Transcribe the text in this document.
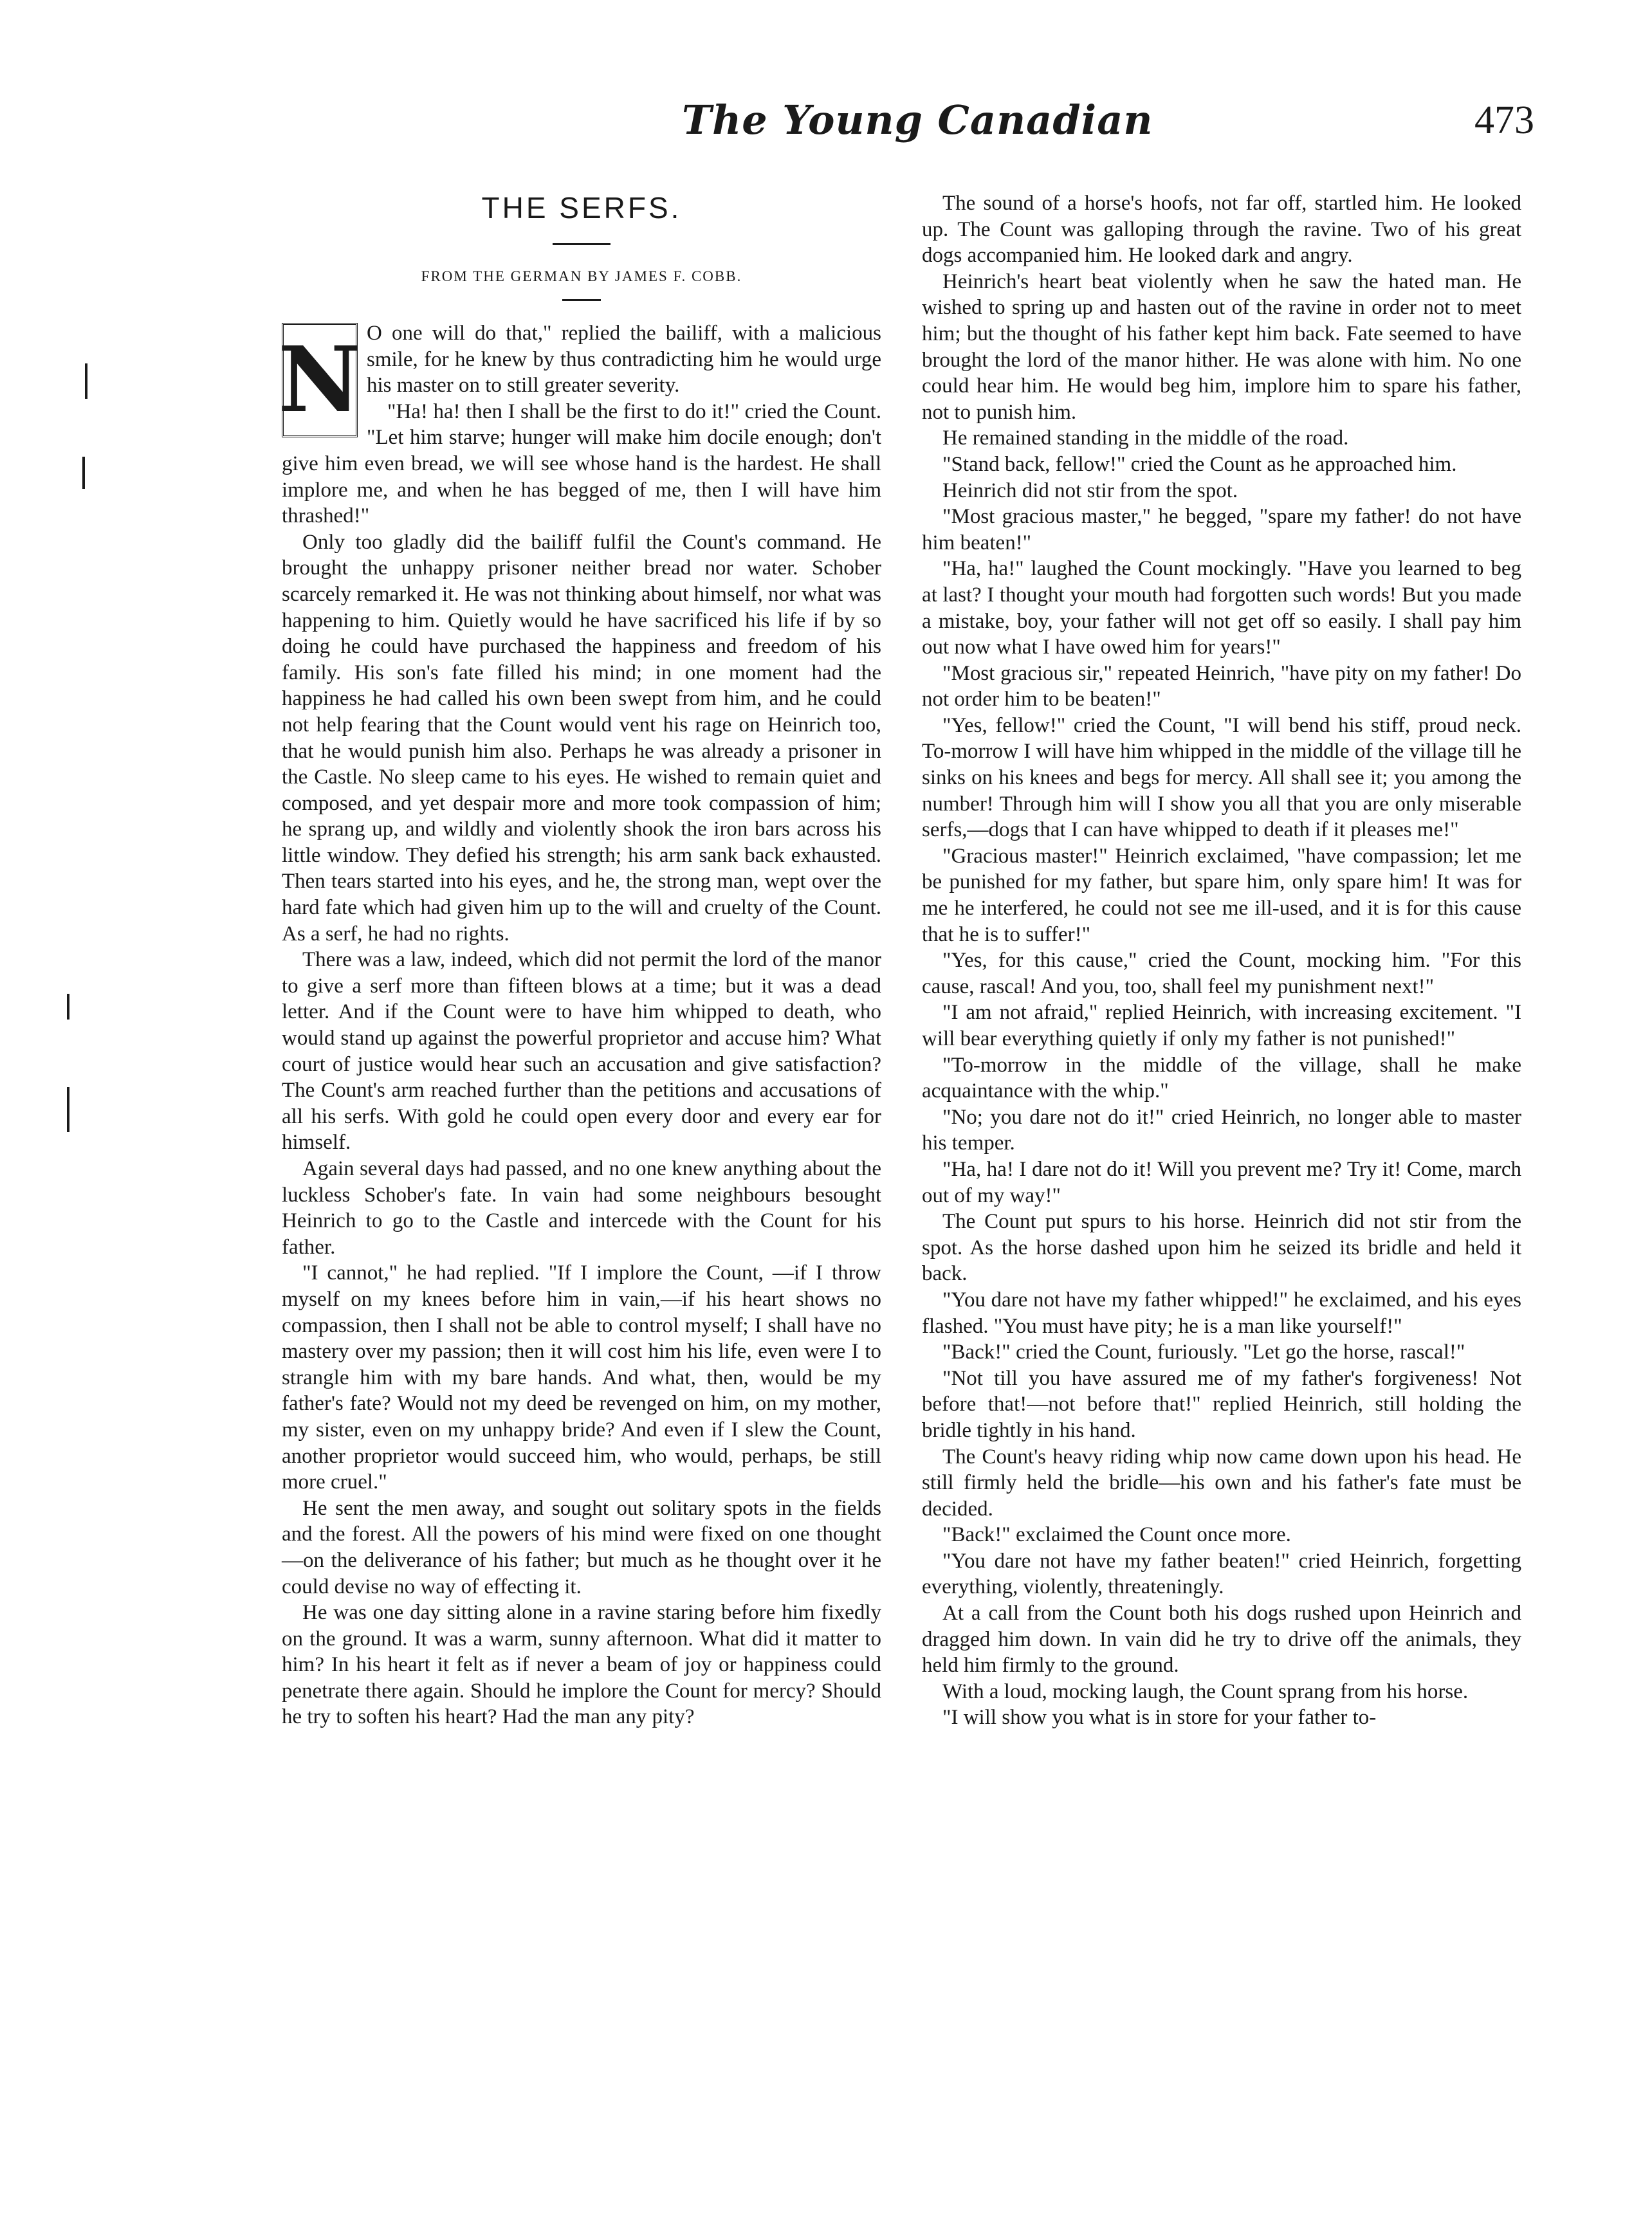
The Young Canadian	473
THE SERFS.
FROM THE GERMAN BY JAMES F. COBB.

N O one will do that," replied the bailiff, with a malicious smile, for he knew by thus contradicting him he would urge his master on to still greater severity.

"Ha! ha! then I shall be the first to do it!" cried the Count. "Let him starve; hunger will make him docile enough; don't give him even bread, we will see whose hand is the hardest. He shall implore me, and when he has begged of me, then I will have him thrashed!"

Only too gladly did the bailiff fulfil the Count's command. He brought the unhappy prisoner neither bread nor water. Schober scarcely remarked it. He was not thinking about himself, nor what was happening to him. Quietly would he have sacrificed his life if by so doing he could have purchased the happiness and freedom of his family. His son's fate filled his mind; in one moment had the happiness he had called his own been swept from him, and he could not help fearing that the Count would vent his rage on Heinrich too, that he would punish him also. Perhaps he was already a prisoner in the Castle. No sleep came to his eyes. He wished to remain quiet and composed, and yet despair more and more took compassion of him; he sprang up, and wildly and violently shook the iron bars across his little window. They defied his strength; his arm sank back exhausted. Then tears started into his eyes, and he, the strong man, wept over the hard fate which had given him up to the will and cruelty of the Count. As a serf, he had no rights.

There was a law, indeed, which did not permit the lord of the manor to give a serf more than fifteen blows at a time; but it was a dead letter. And if the Count were to have him whipped to death, who would stand up against the powerful proprietor and accuse him? What court of justice would hear such an accusation and give satisfaction? The Count's arm reached further than the petitions and accusations of all his serfs. With gold he could open every door and every ear for himself.

Again several days had passed, and no one knew anything about the luckless Schober's fate. In vain had some neighbours besought Heinrich to go to the Castle and intercede with the Count for his father.

"I cannot," he had replied. "If I implore the Count, —if I throw myself on my knees before him in vain,—if his heart shows no compassion, then I shall not be able to control myself; I shall have no mastery over my passion; then it will cost him his life, even were I to strangle him with my bare hands. And what, then, would be my father's fate? Would not my deed be revenged on him, on my mother, my sister, even on my unhappy bride? And even if I slew the Count, another proprietor would succeed him, who would, perhaps, be still more cruel."

He sent the men away, and sought out solitary spots in the fields and the forest. All the powers of his mind were fixed on one thought—on the deliverance of his father; but much as he thought over it he could devise no way of effecting it.

He was one day sitting alone in a ravine staring before him fixedly on the ground. It was a warm, sunny afternoon. What did it matter to him? In his heart it felt as if never a beam of joy or happiness could penetrate there again. Should he implore the Count for mercy? Should he try to soften his heart? Had the man any pity?

The sound of a horse's hoofs, not far off, startled him. He looked up. The Count was galloping through the ravine. Two of his great dogs accompanied him. He looked dark and angry.

Heinrich's heart beat violently when he saw the hated man. He wished to spring up and hasten out of the ravine in order not to meet him; but the thought of his father kept him back. Fate seemed to have brought the lord of the manor hither. He was alone with him. No one could hear him. He would beg him, implore him to spare his father, not to punish him.

He remained standing in the middle of the road.

"Stand back, fellow!" cried the Count as he approached him.

Heinrich did not stir from the spot.

"Most gracious master," he begged, "spare my father! do not have him beaten!"

"Ha, ha!" laughed the Count mockingly. "Have you learned to beg at last? I thought your mouth had forgotten such words! But you made a mistake, boy, your father will not get off so easily. I shall pay him out now what I have owed him for years!"

"Most gracious sir," repeated Heinrich, "have pity on my father! Do not order him to be beaten!"

"Yes, fellow!" cried the Count, "I will bend his stiff, proud neck. To-morrow I will have him whipped in the middle of the village till he sinks on his knees and begs for mercy. All shall see it; you among the number! Through him will I show you all that you are only miserable serfs,—dogs that I can have whipped to death if it pleases me!"

"Gracious master!" Heinrich exclaimed, "have compassion; let me be punished for my father, but spare him, only spare him! It was for me he interfered, he could not see me ill-used, and it is for this cause that he is to suffer!"

"Yes, for this cause," cried the Count, mocking him. "For this cause, rascal! And you, too, shall feel my punishment next!"

"I am not afraid," replied Heinrich, with increasing excitement. "I will bear everything quietly if only my father is not punished!"

"To-morrow in the middle of the village, shall he make acquaintance with the whip."

"No; you dare not do it!" cried Heinrich, no longer able to master his temper.

"Ha, ha! I dare not do it! Will you prevent me? Try it! Come, march out of my way!"

The Count put spurs to his horse. Heinrich did not stir from the spot. As the horse dashed upon him he seized its bridle and held it back.

"You dare not have my father whipped!" he exclaimed, and his eyes flashed. "You must have pity; he is a man like yourself!"

"Back!" cried the Count, furiously. "Let go the horse, rascal!"

"Not till you have assured me of my father's forgiveness! Not before that!—not before that!" replied Heinrich, still holding the bridle tightly in his hand.

The Count's heavy riding whip now came down upon his head. He still firmly held the bridle—his own and his father's fate must be decided.

"Back!" exclaimed the Count once more.

"You dare not have my father beaten!" cried Heinrich, forgetting everything, violently, threateningly.

At a call from the Count both his dogs rushed upon Heinrich and dragged him down. In vain did he try to drive off the animals, they held him firmly to the ground.

With a loud, mocking laugh, the Count sprang from his horse.

"I will show you what is in store for your father to-
